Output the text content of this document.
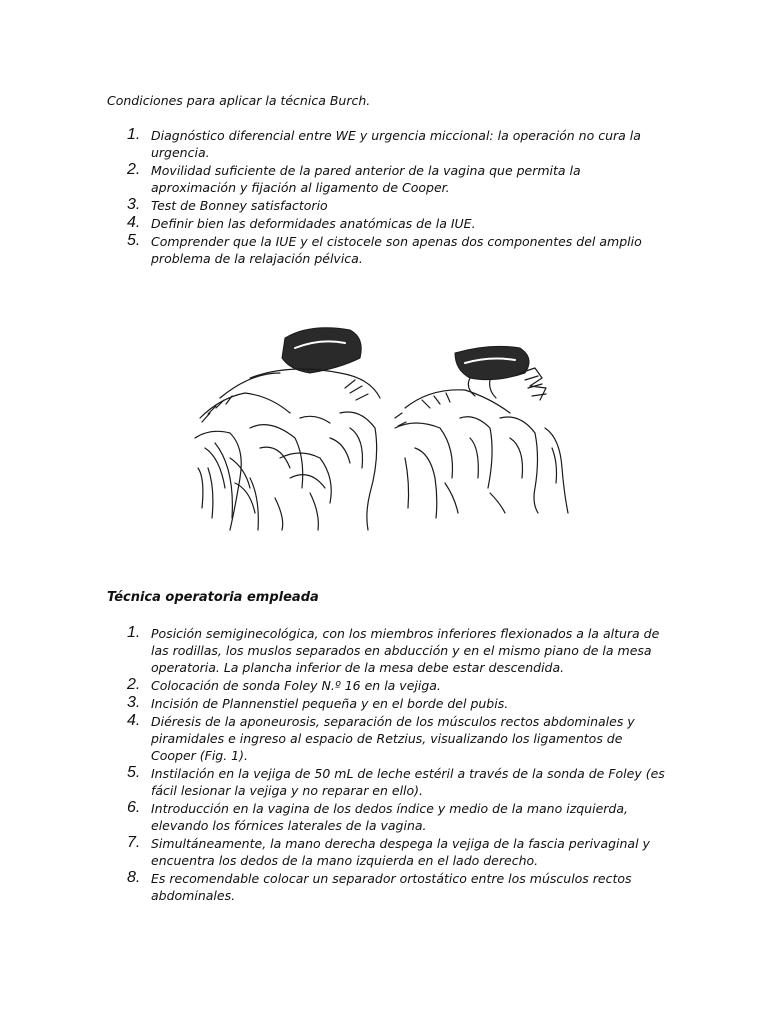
Condiciones para aplicar la técnica Burch.

1. Diagnóstico diferencial entre WE y urgencia miccional: la operación no cura la urgencia.
2. Movilidad suficiente de la pared anterior de la vagina que permita la aproximación y fijación al ligamento de Cooper.
3. Test de Bonney satisfactorio
4. Definir bien las deformidades anatómicas de la IUE.
5. Comprender que la IUE y el cistocele son apenas dos componentes del amplio problema de la relajación pélvica.

Técnica operatoria empleada

1. Posición semiginecológica, con los miembros inferiores flexionados a la altura de las rodillas, los muslos separados en abducción y en el mismo piano de la mesa operatoria. La plancha inferior de la mesa debe estar descendida.
2. Colocación de sonda Foley N.º 16 en la vejiga.
3. Incisión de Plannenstiel pequeña y en el borde del pubis.
4. Diéresis de la aponeurosis, separación de los músculos rectos abdominales y piramidales e ingreso al espacio de Retzius, visualizando los ligamentos de Cooper (Fig. 1).
5. Instilación en la vejiga de 50 mL de leche estéril a través de la sonda de Foley (es fácil lesionar la vejiga y no reparar en ello).
6. Introducción en la vagina de los dedos índice y medio de la mano izquierda, elevando los fórnices laterales de la vagina.
7. Simultáneamente, la mano derecha despega la vejiga de la fascia perivaginal y encuentra los dedos de la mano izquierda en el lado derecho.
8. Es recomendable colocar un separador ortostático entre los músculos rectos abdominales.
